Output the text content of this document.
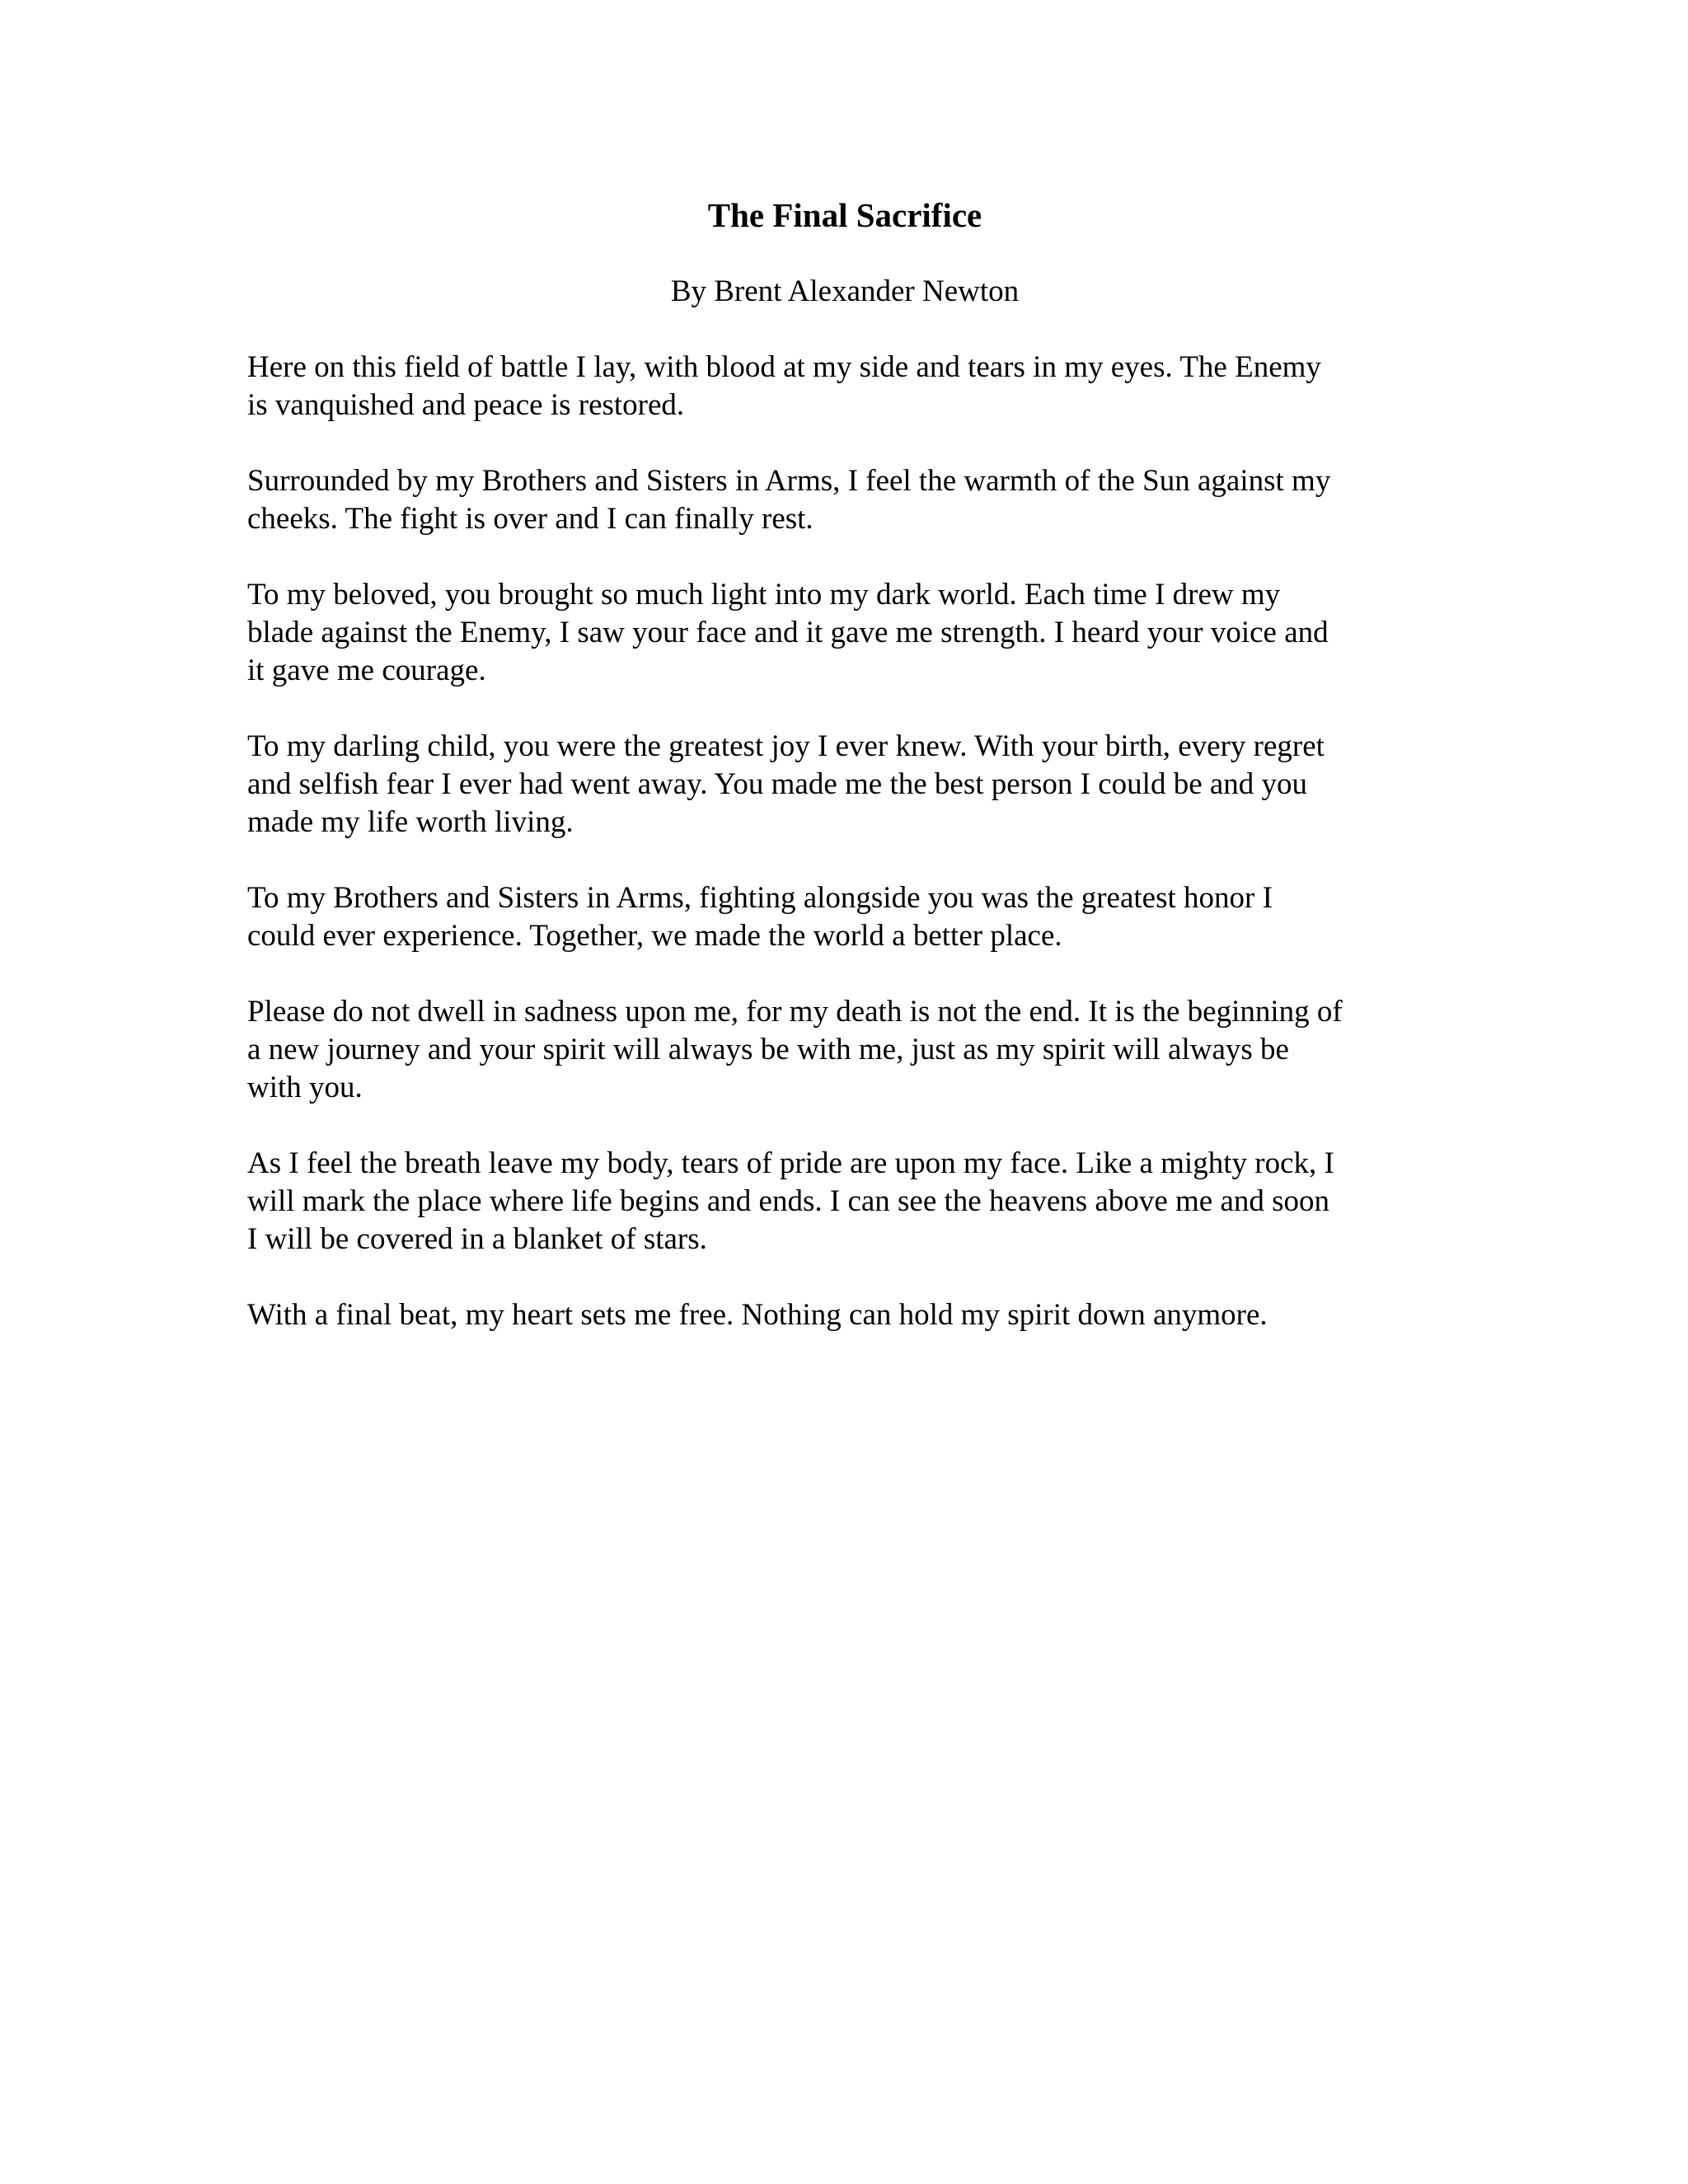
The Final Sacrifice

By Brent Alexander Newton

Here on this field of battle I lay, with blood at my side and tears in my eyes. The Enemy
is vanquished and peace is restored.

Surrounded by my Brothers and Sisters in Arms, I feel the warmth of the Sun against my
cheeks. The fight is over and I can finally rest.

To my beloved, you brought so much light into my dark world. Each time I drew my
blade against the Enemy, I saw your face and it gave me strength. I heard your voice and
it gave me courage.

To my darling child, you were the greatest joy I ever knew. With your birth, every regret
and selfish fear I ever had went away. You made me the best person I could be and you
made my life worth living.

To my Brothers and Sisters in Arms, fighting alongside you was the greatest honor I
could ever experience. Together, we made the world a better place.

Please do not dwell in sadness upon me, for my death is not the end. It is the beginning of
a new journey and your spirit will always be with me, just as my spirit will always be
with you.

As I feel the breath leave my body, tears of pride are upon my face. Like a mighty rock, I
will mark the place where life begins and ends. I can see the heavens above me and soon
I will be covered in a blanket of stars.

With a final beat, my heart sets me free. Nothing can hold my spirit down anymore.
